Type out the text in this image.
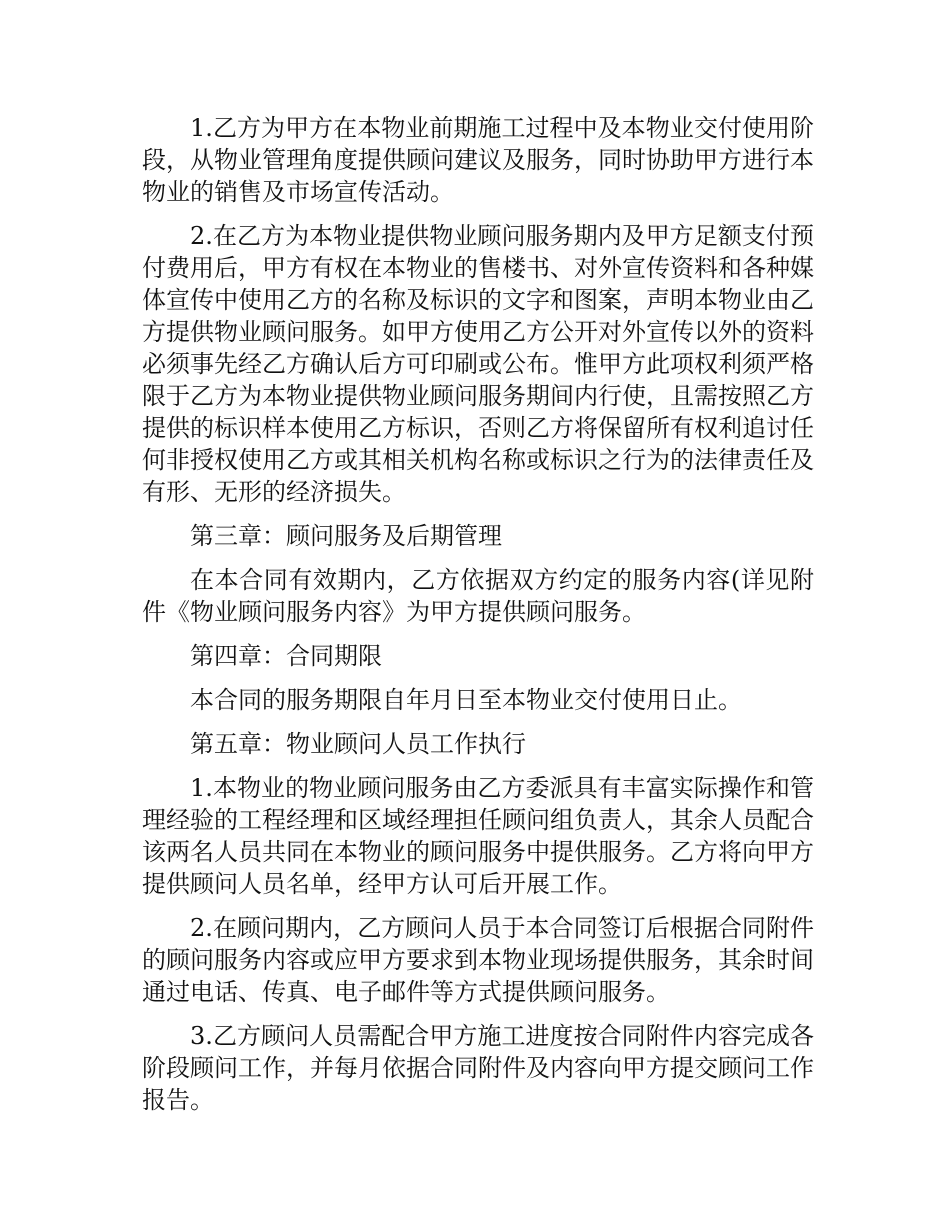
1.乙方为甲方在本物业前期施工过程中及本物业交付使用阶段，从物业管理角度提供顾问建议及服务，同时协助甲方进行本物业的销售及市场宣传活动。

2.在乙方为本物业提供物业顾问服务期内及甲方足额支付预付费用后，甲方有权在本物业的售楼书、对外宣传资料和各种媒体宣传中使用乙方的名称及标识的文字和图案，声明本物业由乙方提供物业顾问服务。如甲方使用乙方公开对外宣传以外的资料必须事先经乙方确认后方可印刷或公布。惟甲方此项权利须严格限于乙方为本物业提供物业顾问服务期间内行使，且需按照乙方提供的标识样本使用乙方标识，否则乙方将保留所有权利追讨任何非授权使用乙方或其相关机构名称或标识之行为的法律责任及有形、无形的经济损失。

第三章：顾问服务及后期管理

在本合同有效期内，乙方依据双方约定的服务内容(详见附件《物业顾问服务内容》为甲方提供顾问服务。

第四章：合同期限

本合同的服务期限自年月日至本物业交付使用日止。

第五章：物业顾问人员工作执行

1.本物业的物业顾问服务由乙方委派具有丰富实际操作和管理经验的工程经理和区域经理担任顾问组负责人，其余人员配合该两名人员共同在本物业的顾问服务中提供服务。乙方将向甲方提供顾问人员名单，经甲方认可后开展工作。

2.在顾问期内，乙方顾问人员于本合同签订后根据合同附件的顾问服务内容或应甲方要求到本物业现场提供服务，其余时间通过电话、传真、电子邮件等方式提供顾问服务。

3.乙方顾问人员需配合甲方施工进度按合同附件内容完成各阶段顾问工作，并每月依据合同附件及内容向甲方提交顾问工作报告。
